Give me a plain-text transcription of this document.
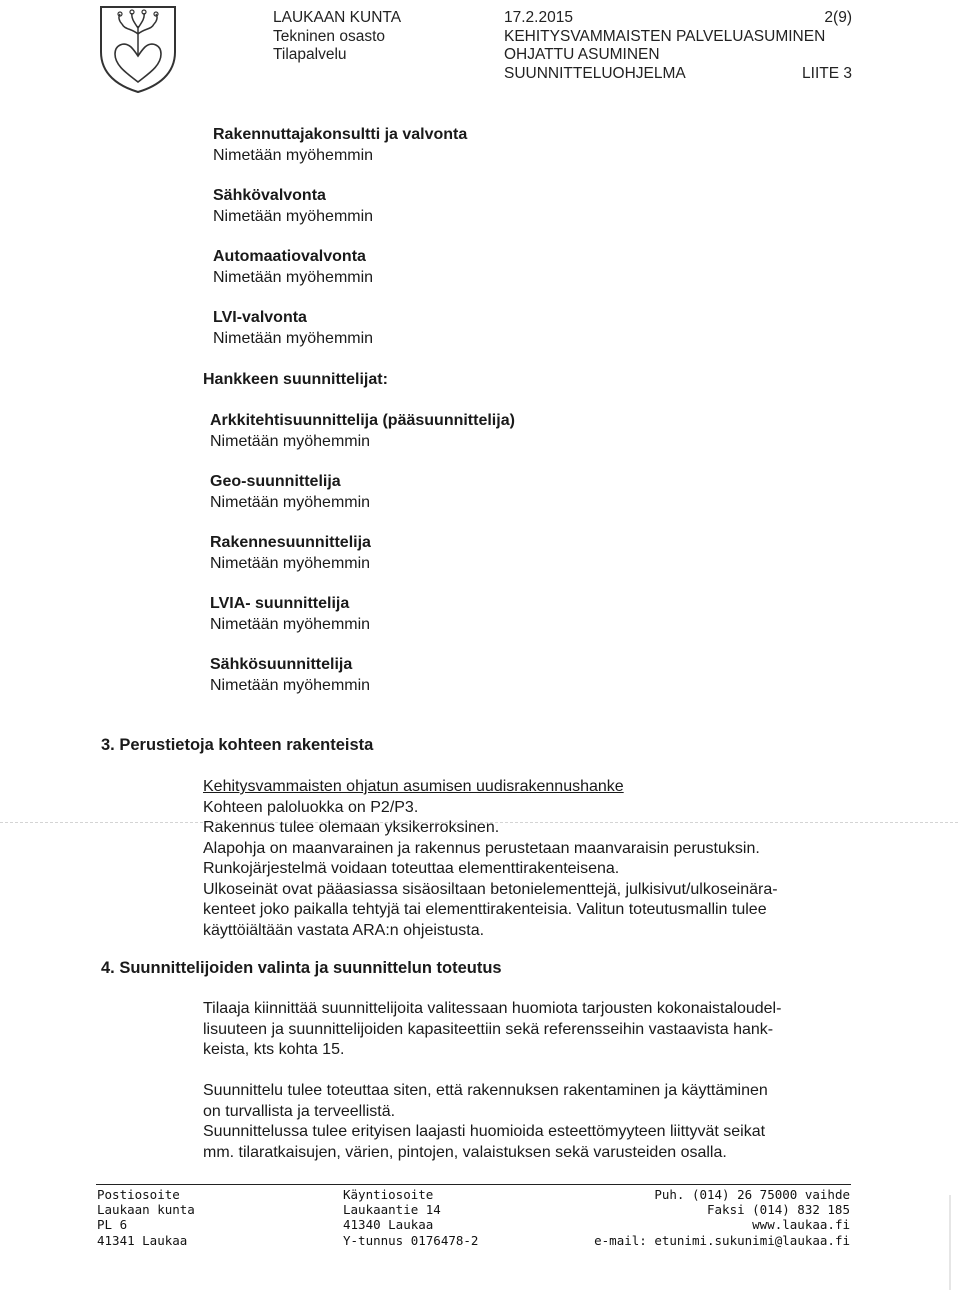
LAUKAAN KUNTA
Tekninen osasto
Tilapalvelu
17.2.2015
KEHITYSVAMMAISTEN PALVELUASUMINEN
OHJATTU ASUMINEN
SUUNNITTELUOHJELMA
2(9)
LIITE 3
Rakennuttajakonsultti ja valvonta
Nimetään myöhemmin
Sähkövalvonta
Nimetään myöhemmin
Automaatiovalvonta
Nimetään myöhemmin
LVI-valvonta
Nimetään myöhemmin
Hankkeen suunnittelijat:
Arkkitehtisuunnittelija (pääsuunnittelija)
Nimetään myöhemmin
Geo-suunnittelija
Nimetään myöhemmin
Rakennesuunnittelija
Nimetään myöhemmin
LVIA- suunnittelija
Nimetään myöhemmin
Sähkösuunnittelija
Nimetään myöhemmin
3. Perustietoja kohteen rakenteista
Kehitysvammaisten ohjatun asumisen uudisrakennushanke
Kohteen paloluokka on P2/P3.
Rakennus tulee olemaan yksikerroksinen.
Alapohja on maanvarainen ja rakennus perustetaan maanvaraisin perustuksin.
Runkojärjestelmä voidaan toteuttaa elementtirakenteisena.
Ulkoseinät ovat pääasiassa sisäosiltaan betonielementtejä, julkisivut/ulkoseinära-
kenteet joko paikalla tehtyjä tai elementtirakenteisia. Valitun toteutusmallin tulee
käyttöiältään vastata ARA:n ohjeistusta.
4. Suunnittelijoiden valinta ja suunnittelun toteutus
Tilaaja kiinnittää suunnittelijoita valitessaan huomiota tarjousten kokonaistaloudel-
lisuuteen ja suunnittelijoiden kapasiteettiin sekä referensseihin vastaavista hank-
keista, kts kohta 15.
Suunnittelu tulee toteuttaa siten, että rakennuksen rakentaminen ja käyttäminen
on turvallista ja terveellistä.
Suunnittelussa tulee erityisen laajasti huomioida esteettömyyteen liittyvät seikat
mm. tilaratkaisujen, värien, pintojen, valaistuksen sekä varusteiden osalla.
Postiosoite
Laukaan kunta
PL 6
41341 Laukaa
Käyntiosoite
Laukaantie 14
41340 Laukaa
Y-tunnus 0176478-2
Puh. (014) 26 75000 vaihde
Faksi (014) 832 185
www.laukaa.fi
e-mail: etunimi.sukunimi@laukaa.fi
